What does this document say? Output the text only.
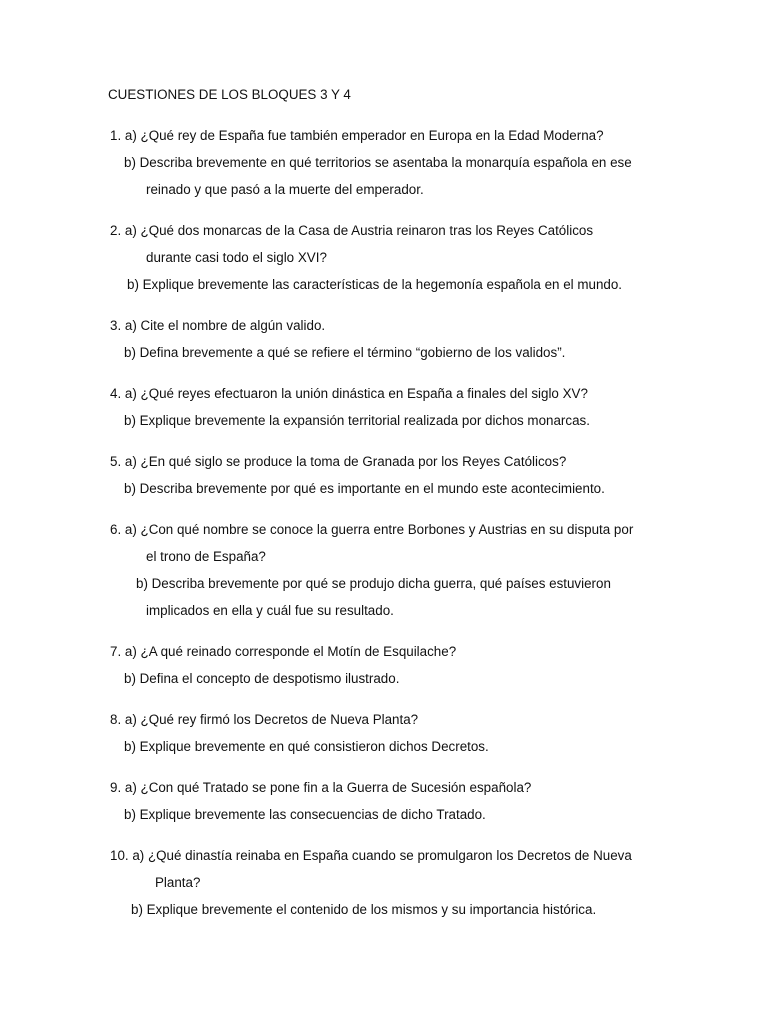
CUESTIONES DE LOS BLOQUES 3 Y 4
1. a) ¿Qué rey de España fue también emperador en Europa en la Edad Moderna?
b) Describa brevemente en qué territorios se asentaba la monarquía española en ese
reinado y que pasó a la muerte del emperador.
2. a) ¿Qué dos monarcas de la Casa de Austria reinaron tras los Reyes Católicos
durante casi todo el siglo XVI?
b) Explique brevemente las características de la hegemonía española en el mundo.
3. a) Cite el nombre de algún valido.
b) Defina brevemente a qué se refiere el término “gobierno de los validos”.
4. a) ¿Qué reyes efectuaron la unión dinástica en España a finales del siglo XV?
b) Explique brevemente la expansión territorial realizada por dichos monarcas.
5. a) ¿En qué siglo se produce la toma de Granada por los Reyes Católicos?
b) Describa brevemente por qué es importante en el mundo este acontecimiento.
6. a) ¿Con qué nombre se conoce la guerra entre Borbones y Austrias en su disputa por
el trono de España?
b) Describa brevemente por qué se produjo dicha guerra, qué países estuvieron
implicados en ella y cuál fue su resultado.
7. a) ¿A qué reinado corresponde el Motín de Esquilache?
b) Defina el concepto de despotismo ilustrado.
8. a) ¿Qué rey firmó los Decretos de Nueva Planta?
b) Explique brevemente en qué consistieron dichos Decretos.
9. a) ¿Con qué Tratado se pone fin a la Guerra de Sucesión española?
b) Explique brevemente las consecuencias de dicho Tratado.
10. a) ¿Qué dinastía reinaba en España cuando se promulgaron los Decretos de Nueva
Planta?
b) Explique brevemente el contenido de los mismos y su importancia histórica.
